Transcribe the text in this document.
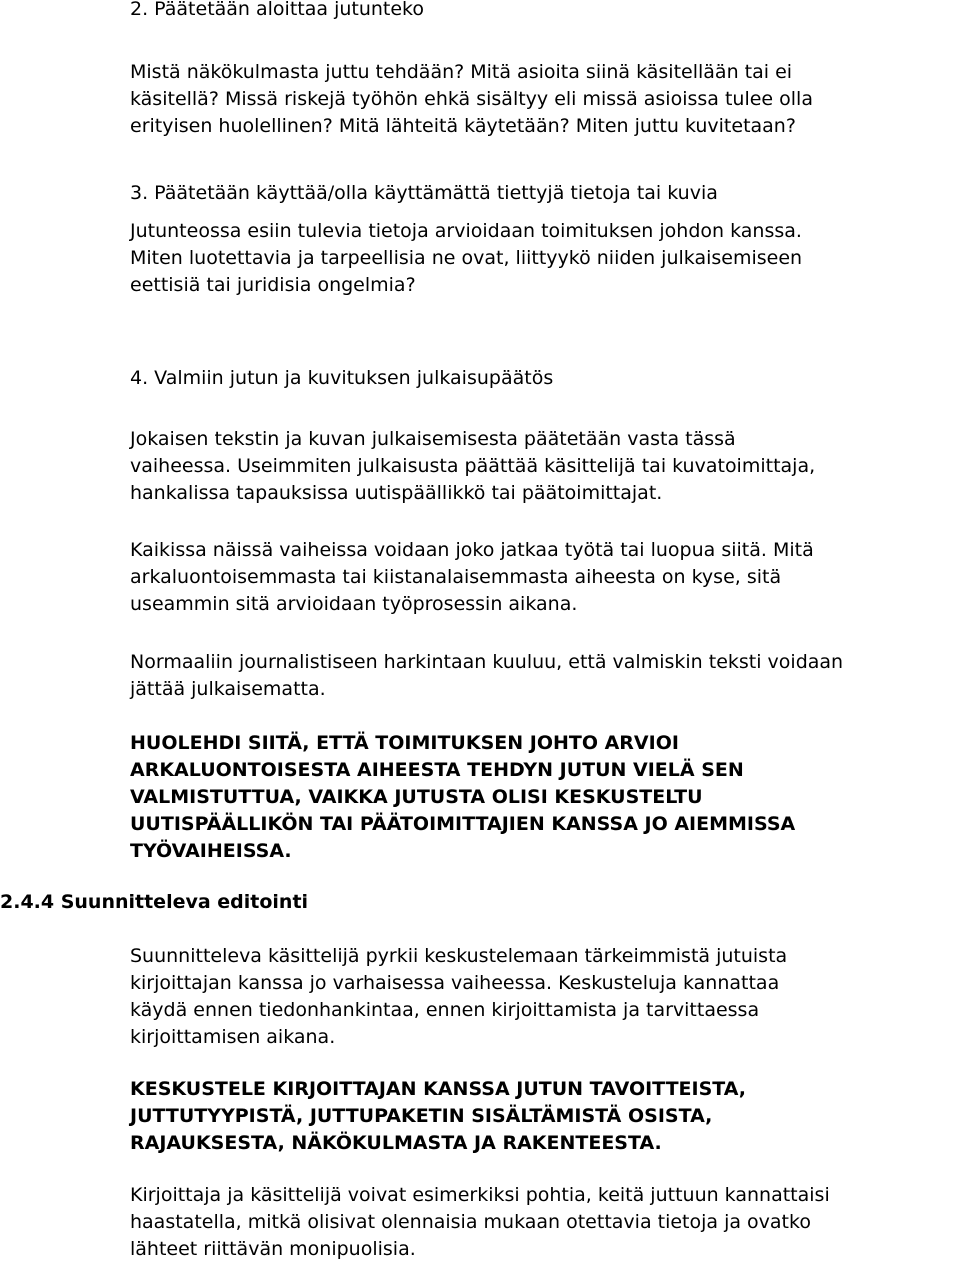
2. Päätetään aloittaa jutunteko

Mistä näkökulmasta juttu tehdään? Mitä asioita siinä käsitellään tai ei
käsitellä? Missä riskejä työhön ehkä sisältyy eli missä asioissa tulee olla
erityisen huolellinen? Mitä lähteitä käytetään? Miten juttu kuvitetaan?

3. Päätetään käyttää/olla käyttämättä tiettyjä tietoja tai kuvia

Jutunteossa esiin tulevia tietoja arvioidaan toimituksen johdon kanssa.
Miten luotettavia ja tarpeellisia ne ovat, liittyykö niiden julkaisemiseen
eettisiä tai juridisia ongelmia?

4. Valmiin jutun ja kuvituksen julkaisupäätös

Jokaisen tekstin ja kuvan julkaisemisesta päätetään vasta tässä
vaiheessa. Useimmiten julkaisusta päättää käsittelijä tai kuvatoimittaja,
hankalissa tapauksissa uutispäällikkö tai päätoimittajat.

Kaikissa näissä vaiheissa voidaan joko jatkaa työtä tai luopua siitä. Mitä
arkaluontoisemmasta tai kiistanalaisemmasta aiheesta on kyse, sitä
useammin sitä arvioidaan työprosessin aikana.

Normaaliin journalistiseen harkintaan kuuluu, että valmiskin teksti voidaan
jättää julkaisematta.

HUOLEHDI SIITÄ, ETTÄ TOIMITUKSEN JOHTO ARVIOI
ARKALUONTOISESTA AIHEESTA TEHDYN JUTUN VIELÄ SEN
VALMISTUTTUA, VAIKKA JUTUSTA OLISI KESKUSTELTU
UUTISPÄÄLLIKÖN TAI PÄÄTOIMITTAJIEN KANSSA JO AIEMMISSA
TYÖVAIHEISSA.

2.4.4 Suunnitteleva editointi

Suunnitteleva käsittelijä pyrkii keskustelemaan tärkeimmistä jutuista
kirjoittajan kanssa jo varhaisessa vaiheessa. Keskusteluja kannattaa
käydä ennen tiedonhankintaa, ennen kirjoittamista ja tarvittaessa
kirjoittamisen aikana.

KESKUSTELE KIRJOITTAJAN KANSSA JUTUN TAVOITTEISTA,
JUTTUTYYPISTÄ, JUTTUPAKETIN SISÄLTÄMISTÄ OSISTA,
RAJAUKSESTA, NÄKÖKULMASTA JA RAKENTEESTA.

Kirjoittaja ja käsittelijä voivat esimerkiksi pohtia, keitä juttuun kannattaisi
haastatella, mitkä olisivat olennaisia mukaan otettavia tietoja ja ovatko
lähteet riittävän monipuolisia.
